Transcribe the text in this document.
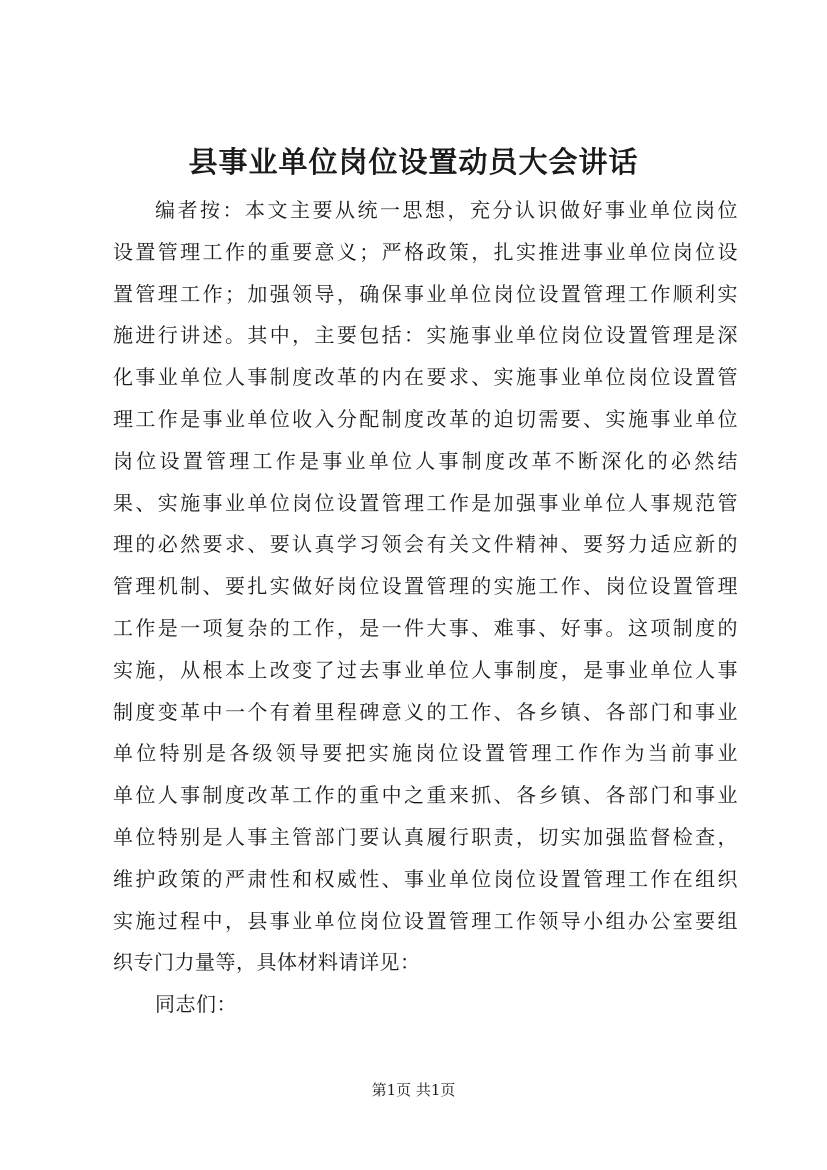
县事业单位岗位设置动员大会讲话
编者按：本文主要从统一思想，充分认识做好事业单位岗位
设置管理工作的重要意义；严格政策，扎实推进事业单位岗位设
置管理工作；加强领导，确保事业单位岗位设置管理工作顺利实
施进行讲述。其中，主要包括：实施事业单位岗位设置管理是深
化事业单位人事制度改革的内在要求、实施事业单位岗位设置管
理工作是事业单位收入分配制度改革的迫切需要、实施事业单位
岗位设置管理工作是事业单位人事制度改革不断深化的必然结
果、实施事业单位岗位设置管理工作是加强事业单位人事规范管
理的必然要求、要认真学习领会有关文件精神、要努力适应新的
管理机制、要扎实做好岗位设置管理的实施工作、岗位设置管理
工作是一项复杂的工作，是一件大事、难事、好事。这项制度的
实施，从根本上改变了过去事业单位人事制度，是事业单位人事
制度变革中一个有着里程碑意义的工作、各乡镇、各部门和事业
单位特别是各级领导要把实施岗位设置管理工作作为当前事业
单位人事制度改革工作的重中之重来抓、各乡镇、各部门和事业
单位特别是人事主管部门要认真履行职责，切实加强监督检查，
维护政策的严肃性和权威性、事业单位岗位设置管理工作在组织
实施过程中，县事业单位岗位设置管理工作领导小组办公室要组
织专门力量等，具体材料请详见：
同志们：
第1页 共1页
